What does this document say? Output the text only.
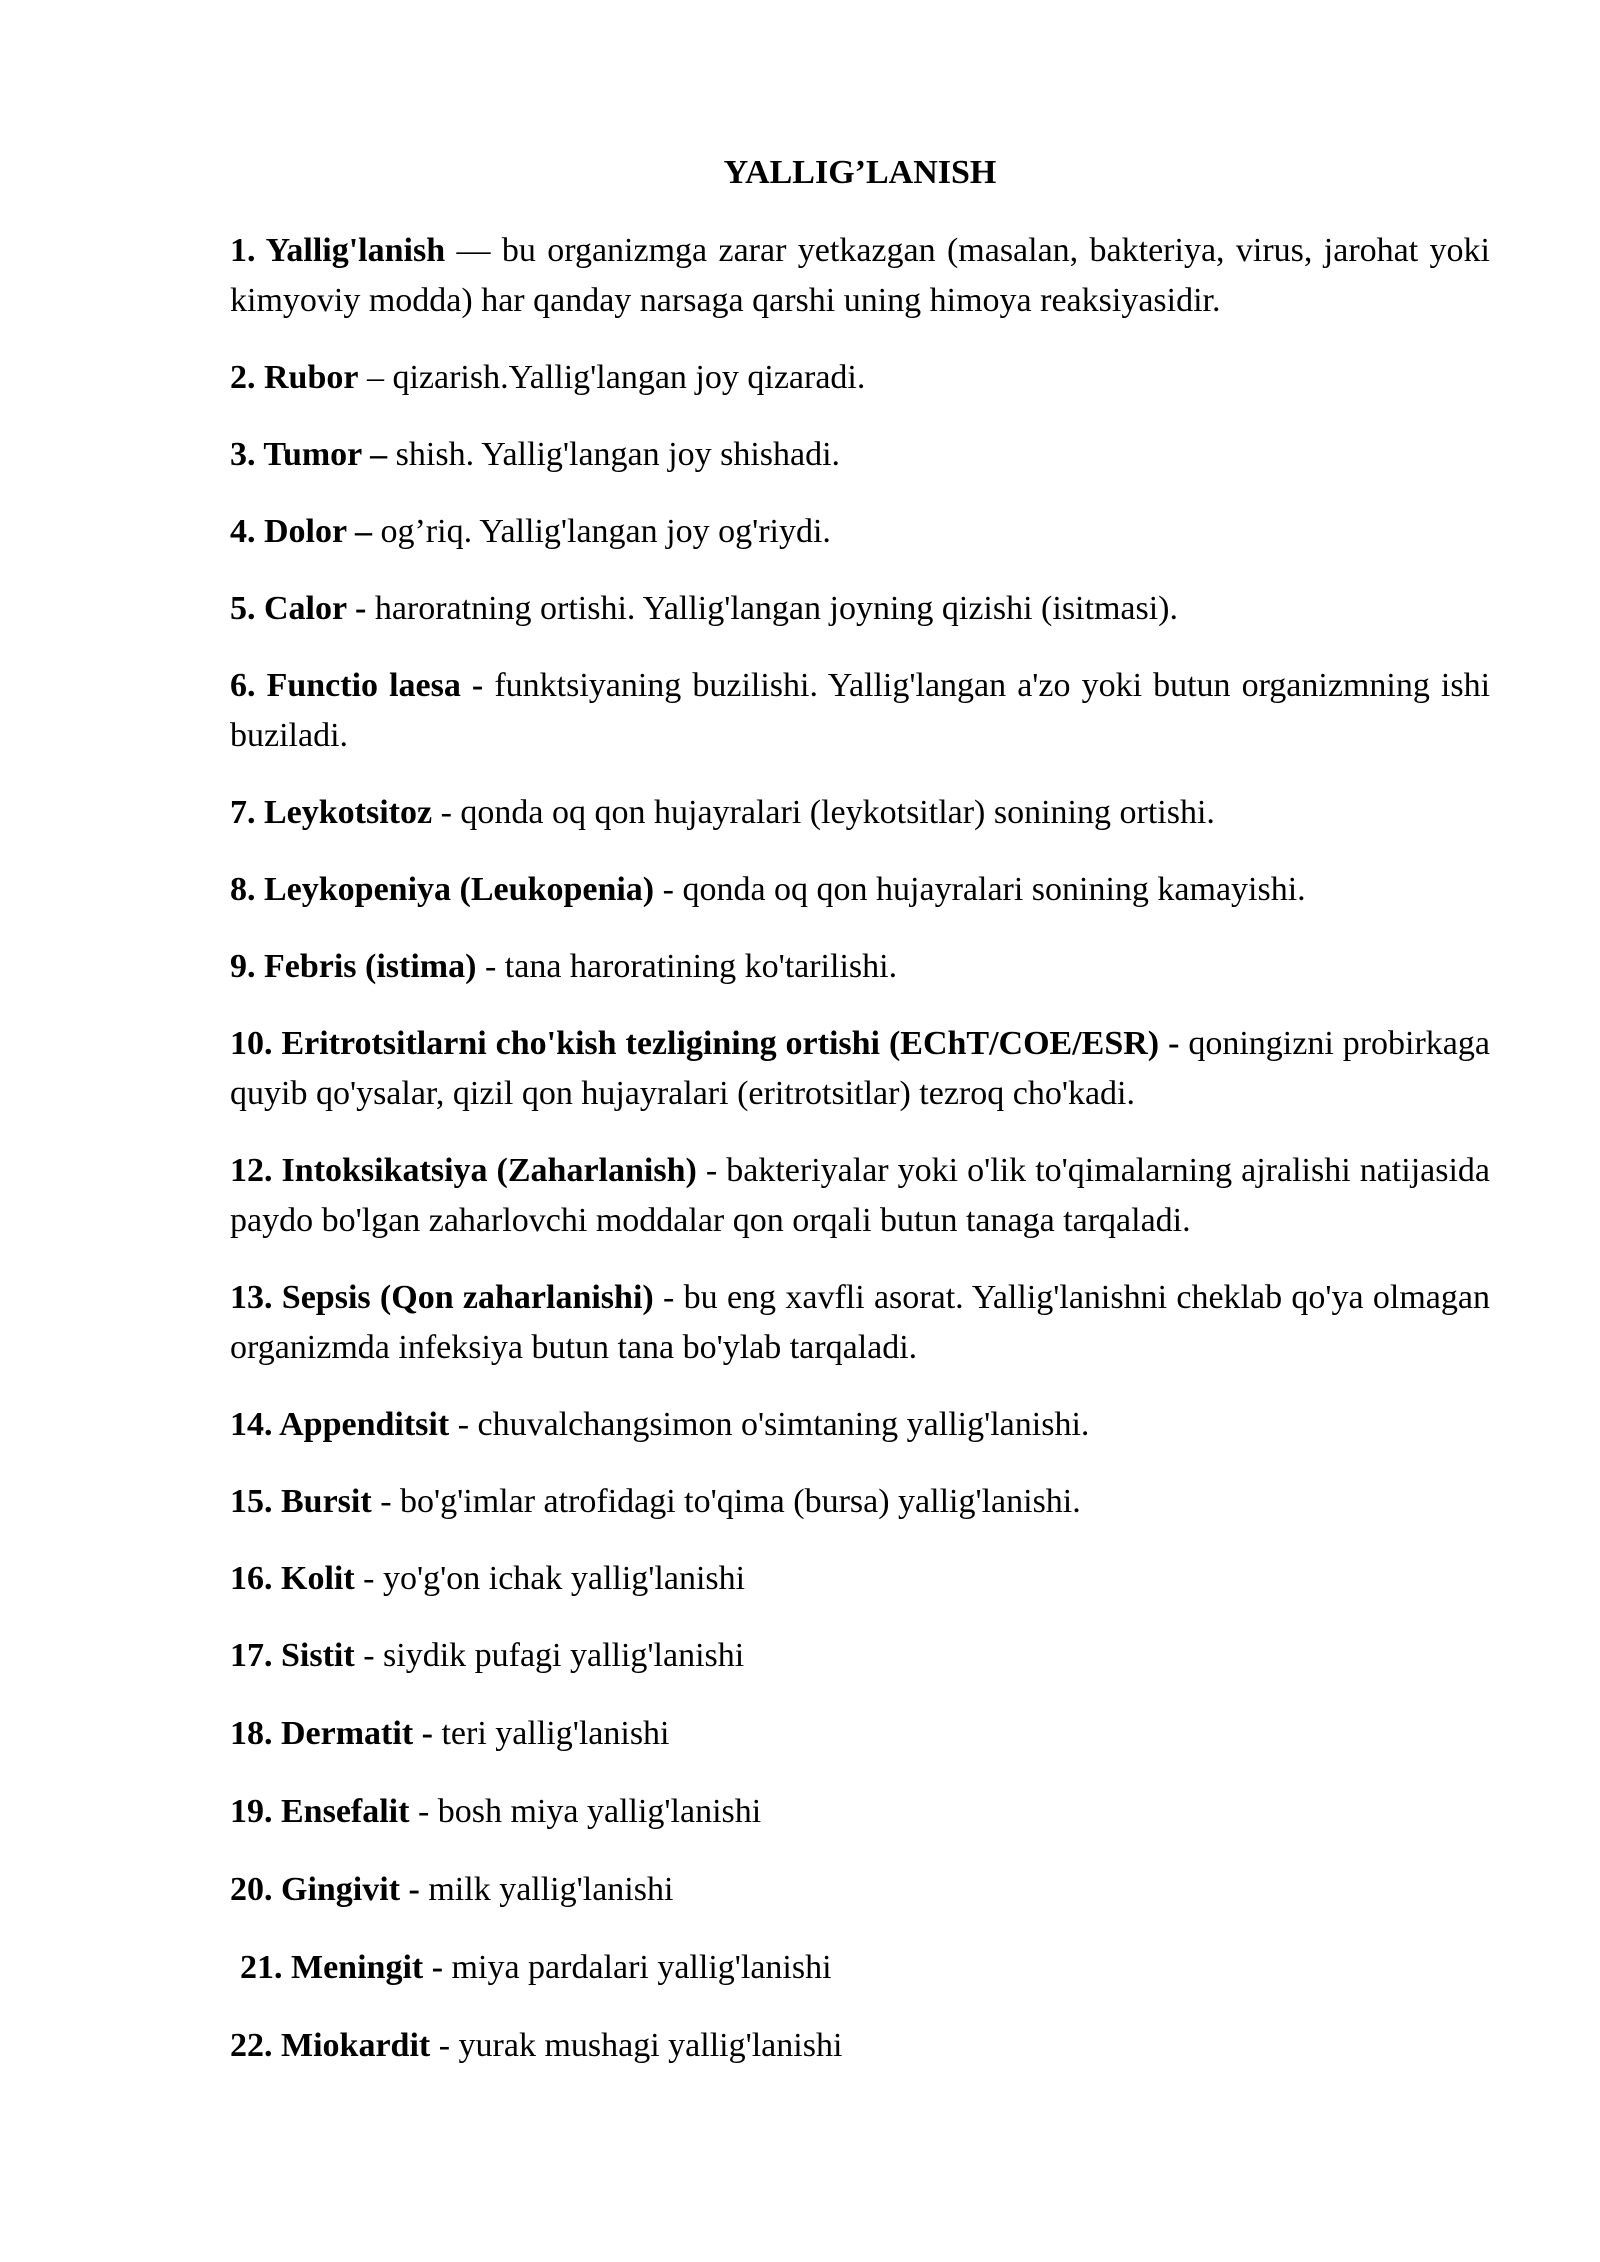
YALLIG’LANISH
1. Yallig'lanish — bu organizmga zarar yetkazgan (masalan, bakteriya, virus, jarohat yoki kimyoviy modda) har qanday narsaga qarshi uning himoya reaksiyasidir.
2. Rubor – qizarish.Yallig'langan joy qizaradi.
3. Tumor – shish. Yallig'langan joy shishadi.
4. Dolor – og’riq. Yallig'langan joy og'riydi.
5. Calor - haroratning ortishi. Yallig'langan joyning qizishi (isitmasi).
6. Functio laesa - funktsiyaning buzilishi. Yallig'langan a'zo yoki butun organizmning ishi buziladi.
7. Leykotsitoz - qonda oq qon hujayralari (leykotsitlar) sonining ortishi.
8. Leykopeniya (Leukopenia) - qonda oq qon hujayralari sonining kamayishi.
9. Febris (istima) - tana haroratining ko'tarilishi.
10. Eritrotsitlarni cho'kish tezligining ortishi (EChT/COE/ESR) - qoningizni probirkaga quyib qo'ysalar, qizil qon hujayralari (eritrotsitlar) tezroq cho'kadi.
12. Intoksikatsiya (Zaharlanish) - bakteriyalar yoki o'lik to'qimalarning ajralishi natijasida paydo bo'lgan zaharlovchi moddalar qon orqali butun tanaga tarqaladi.
13. Sepsis (Qon zaharlanishi) - bu eng xavfli asorat. Yallig'lanishni cheklab qo'ya olmagan organizmda infeksiya butun tana bo'ylab tarqaladi.
14. Appenditsit - chuvalchangsimon o'simtaning yallig'lanishi.
15. Bursit - bo'g'imlar atrofidagi to'qima (bursa) yallig'lanishi.
16. Kolit - yo'g'on ichak yallig'lanishi
17. Sistit - siydik pufagi yallig'lanishi
18. Dermatit - teri yallig'lanishi
19. Ensefalit - bosh miya yallig'lanishi
20. Gingivit - milk yallig'lanishi
21. Meningit - miya pardalari yallig'lanishi
22. Miokardit - yurak mushagi yallig'lanishi
